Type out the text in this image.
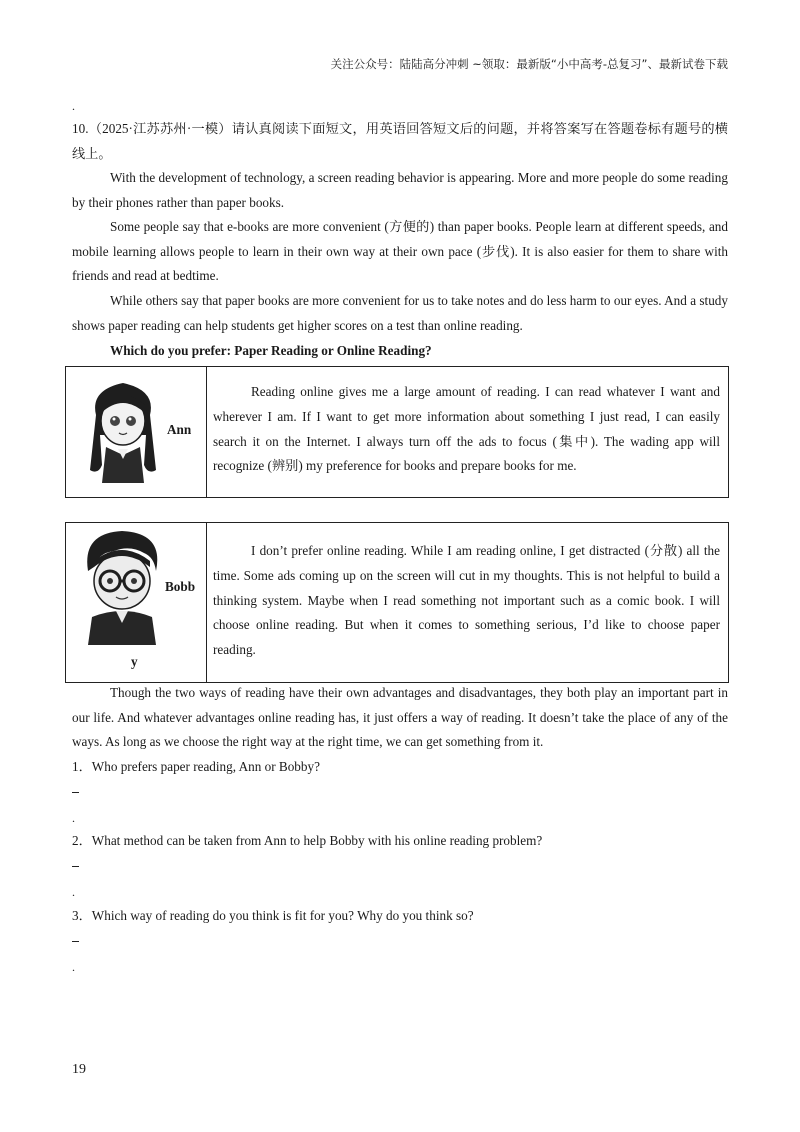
关注公众号：陆陆高分冲刺 ~领取：最新版“小中高考-总复习”、最新试卷下载
.

10.（2025·江苏苏州·一模）请认真阅读下面短文，用英语回答短文后的问题，并将答案写在答题卷标有题号的横线上。

With the development of technology, a screen reading behavior is appearing. More and more people do some reading by their phones rather than paper books.

Some people say that e-books are more convenient (方便的) than paper books. People learn at different speeds, and mobile learning allows people to learn in their own way at their own pace (步伐). It is also easier for them to share with friends and read at bedtime.

While others say that paper books are more convenient for us to take notes and do less harm to our eyes. And a study shows paper reading can help students get higher scores on a test than online reading.

Which do you prefer: Paper Reading or Online Reading?
Ann

Reading online gives me a large amount of reading. I can read whatever I want and wherever I am. If I want to get more information about something I just read, I can easily search it on the Internet. I always turn off the ads to focus (集中). The wading app will recognize (辨别) my preference for books and prepare books for me.

Bobb
y

I don’t prefer online reading. While I am reading online, I get distracted (分散) all the time. Some ads coming up on the screen will cut in my thoughts. This is not helpful to build a thinking system. Maybe when I read something not important such as a comic book. I will choose online reading. But when it comes to something serious, I’d like to choose paper reading.

Though the two ways of reading have their own advantages and disadvantages, they both play an important part in our life. And whatever advantages online reading has, it just offers a way of reading. It doesn’t take the place of any of the ways. As long as we choose the right way at the right time, we can get something from it.

1．Who prefers paper reading, Ann or Bobby?
.
2．What method can be taken from Ann to help Bobby with his online reading problem?
.
3．Which way of reading do you think is fit for you? Why do you think so?
.
19
